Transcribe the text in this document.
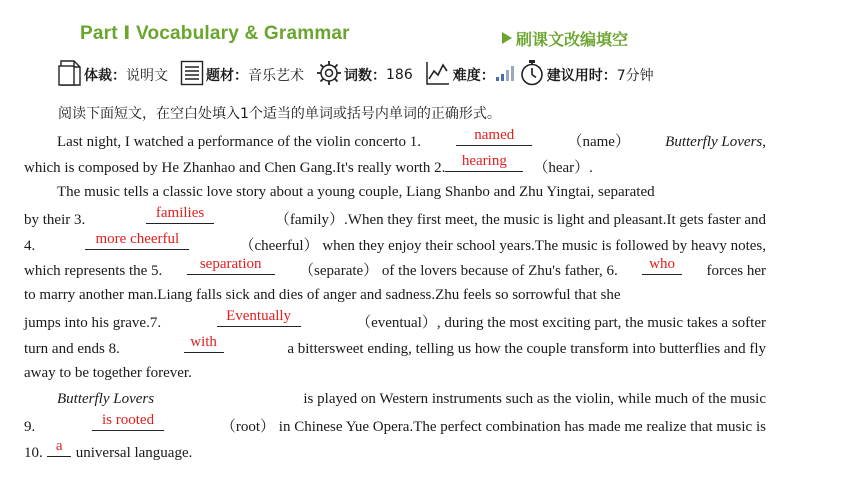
Part Ⅰ Vocabulary & Grammar	刷课文改编填空
体裁： 说明文	题材： 音乐艺术	词数： 186	难度：	建议用时： 7分钟
阅读下面短文，在空白处填入1个适当的单词或括号内单词的正确形式。
Last night, I watched a performance of the violin concerto 1.	named	（name） Butterfly Lovers,
which is composed by He Zhanhao and Chen Gang.It's really worth 2.	hearing	（hear）.
The music tells a classic love story about a young couple, Liang Shanbo and Zhu Yingtai, separated
by their 3.	families	（family）.When they first meet, the music is light and pleasant.It gets faster and
4.	more cheerful	（cheerful） when they enjoy their school years.The music is followed by heavy notes,
which represents the 5.	separation	（separate） of the lovers because of Zhu's father, 6.	who	forces her
to marry another man.Liang falls sick and dies of anger and sadness.Zhu feels so sorrowful that she
jumps into his grave.7.	Eventually	（eventual）, during the most exciting part, the music takes a softer
turn and ends 8.	with	a bittersweet ending, telling us how the couple transform into butterflies and fly
away to be together forever.
Butterfly Lovers	is played on Western instruments such as the violin, while much of the music
9.	is rooted	（root） in Chinese Yue Opera.The perfect combination has made me realize that music is
10. a universal language.
